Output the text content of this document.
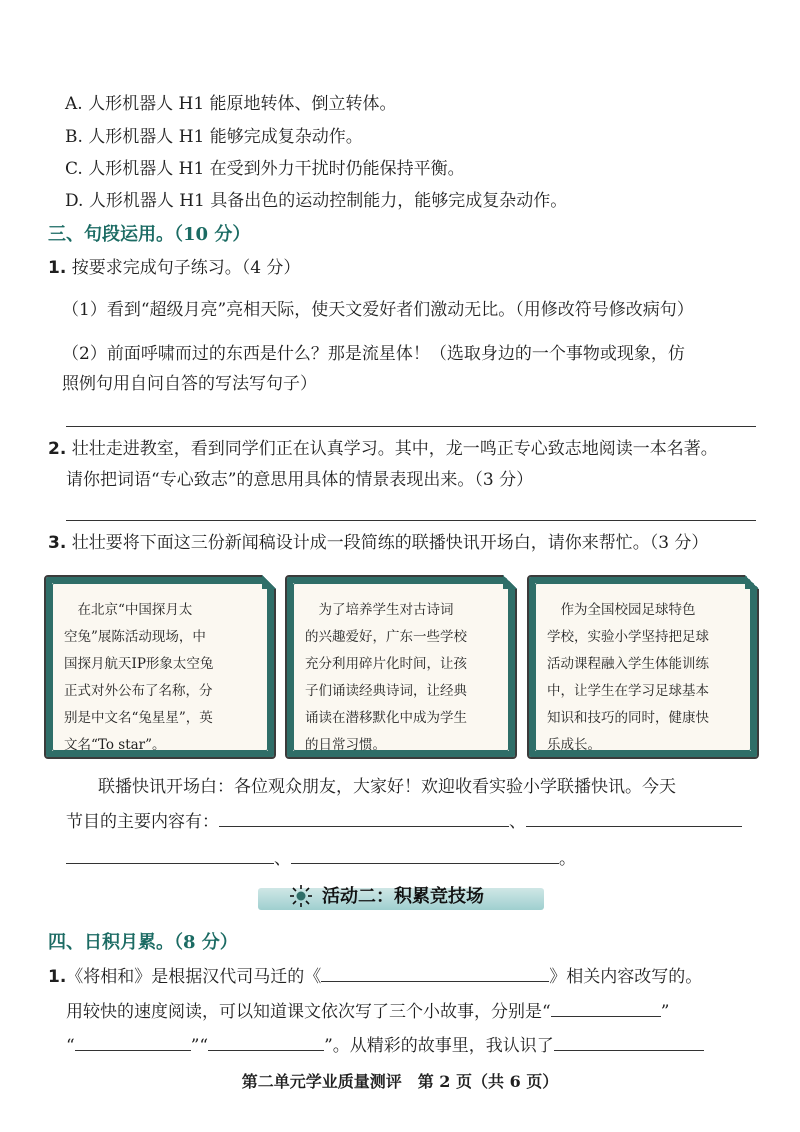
A. 人形机器人 H1 能原地转体、倒立转体。
B. 人形机器人 H1 能够完成复杂动作。
C. 人形机器人 H1 在受到外力干扰时仍能保持平衡。
D. 人形机器人 H1 具备出色的运动控制能力，能够完成复杂动作。
三、句段运用。（10 分）
1. 按要求完成句子练习。（4 分）
（1）看到“超级月亮”亮相天际，使天文爱好者们激动无比。（用修改符号修改病句）
（2）前面呼啸而过的东西是什么？那是流星体！（选取身边的一个事物或现象，仿
照例句用自问自答的写法写句子）
2. 壮壮走进教室，看到同学们正在认真学习。其中，龙一鸣正专心致志地阅读一本名著。
请你把词语“专心致志”的意思用具体的情景表现出来。（3 分）
3. 壮壮要将下面这三份新闻稿设计成一段简练的联播快讯开场白，请你来帮忙。（3 分）
　在北京“中国探月太
空兔”展陈活动现场，中
国探月航天IP形象太空兔
正式对外公布了名称，分
别是中文名“兔星星”，英
文名“To star”。
　为了培养学生对古诗词
的兴趣爱好，广东一些学校
充分利用碎片化时间，让孩
子们诵读经典诗词，让经典
诵读在潜移默化中成为学生
的日常习惯。
　作为全国校园足球特色
学校，实验小学坚持把足球
活动课程融入学生体能训练
中，让学生在学习足球基本
知识和技巧的同时，健康快
乐成长。
联播快讯开场白：各位观众朋友，大家好！欢迎收看实验小学联播快讯。今天
节目的主要内容有：	、
、	。
活动二：积累竞技场
四、日积月累。（8 分）
1.《将相和》是根据汉代司马迁的《	》相关内容改写的。
用较快的速度阅读，可以知道课文依次写了三个小故事，分别是“	”
“	”“	”。从精彩的故事里，我认识了
第二单元学业质量测评　第 2 页（共 6 页）
